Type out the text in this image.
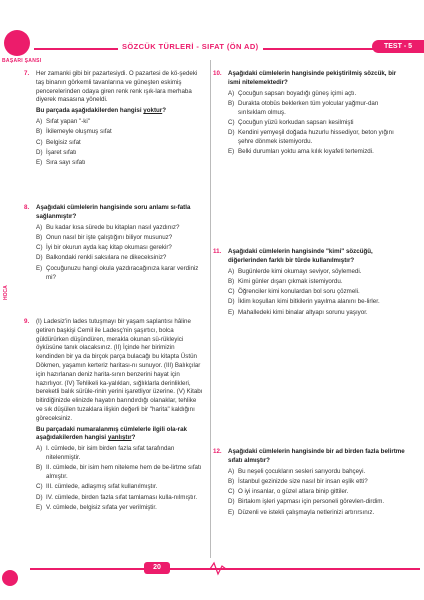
BAŞARI ŞANSI
SÖZCÜK TÜRLERİ - SIFAT (ÖN AD)	TEST - 5
HOCA
7. Her zamanki gibi bir pazartesiydi. O pazartesi de kö-şedeki taş binanın görkemli tavanlarına ve güneşten eskimiş pencerelerinden odaya giren renk renk ışık-lara merhaba diyerek masasına yöneldi.
Bu parçada aşağıdakilerden hangisi yoktur?
A) Sıfat yapan "-ki"
B) İkilemeyle oluşmuş sıfat
C) Belgisiz sıfat
D) İşaret sıfatı
E) Sıra sayı sıfatı
8. Aşağıdaki cümlelerin hangisinde soru anlamı sı-fatla sağlanmıştır?
A) Bu kadar kısa sürede bu kitapları nasıl yazdınız?
B) Onun nasıl bir işte çalıştığını biliyor musunuz?
C) İyi bir okurun ayda kaç kitap okuması gerekir?
D) Balkondaki renkli saksılara ne dikeceksiniz?
E) Çocuğunuzu hangi okula yazdıracağınıza karar verdiniz mi?
9. (I) Ladesiz'in lades tutuşmayı bir yaşam saplantısı hâline getiren başkişi Cemil ile Ladesç'nin şaşırtıcı, bolca güldürürken düşündüren, merakla okunan sü-rükleyici öyküsüne tanık olacaksınız. (II) İçinde her birimizin kendinden bir ya da birçok parça bulacağı bu kitapta Üstün Dökmen, yaşamın kerteriz haritası-nı sunuyor. (III) Balıkçılar için hazırlanan deniz harita-sının benzerini hayat için hazırlıyor. (IV) Tehlikeli ka-yalıkları, sığlıklarla derinlikleri, bereketli balık sürüle-rinin yerini işaretliyor üzerine. (V) Kitabı bitirdiğinizde elinizde hayatın barındırdığı olanaklar, tehlike ve sık düşülen tuzaklara ilişkin değerli bir "harita" kaldığını göreceksiniz.
Bu parçadaki numaralanmış cümlelerle ilgili ola-rak aşağıdakilerden hangisi yanlıştır?
A) I. cümlede, bir isim birden fazla sıfat tarafından nitelenmiştir.
B) II. cümlede, bir isim hem niteleme hem de be-lirtme sıfatı almıştır.
C) III. cümlede, adlaşmış sıfat kullanılmıştır.
D) IV. cümlede, birden fazla sıfat tamlaması kulla-nılmıştır.
E) V. cümlede, belgisiz sıfata yer verilmiştir.
10. Aşağıdaki cümlelerin hangisinde pekiştirilmiş sözcük, bir ismi nitelemektedir?
A) Çocuğun sapsarı boyadığı güneş içimi açtı.
B) Durakta otobüs beklerken tüm yolcular yağmur-dan sırılsıklam olmuş.
C) Çocuğun yüzü korkudan sapsarı kesilmişti
D) Kendini yemyeşil doğada huzurlu hissediyor, beton yığını şehre dönmek istemiyordu.
E) Belki durumları yoktu ama kılık kıyafeti tertemizdi.
11. Aşağıdaki cümlelerin hangisinde "kimi" sözcüğü, diğerlerinden farklı bir türde kullanılmıştır?
A) Bugünlerde kimi okumayı seviyor, söylemedi.
B) Kimi günler dışarı çıkmak istemiyordu.
C) Öğrenciler kimi konulardan bol soru çözmeli.
D) İklim koşulları kimi bitkilerin yayılma alanını be-lirler.
E) Mahalledeki kimi binalar altyapı sorunu yaşıyor.
12. Aşağıdaki cümlelerin hangisinde bir ad birden fazla belirtme sıfatı almıştır?
A) Bu neşeli çocukların sesleri sarıyordu bahçeyi.
B) İstanbul gezinizde size nasıl bir insan eşlik etti?
C) O iyi insanlar, o güzel atlara binip gittiler.
D) Birtakım işleri yapması için personeli görevlen-dirdim.
E) Düzenli ve istekli çalışmayla netlerinizi artırırsınız.
20
